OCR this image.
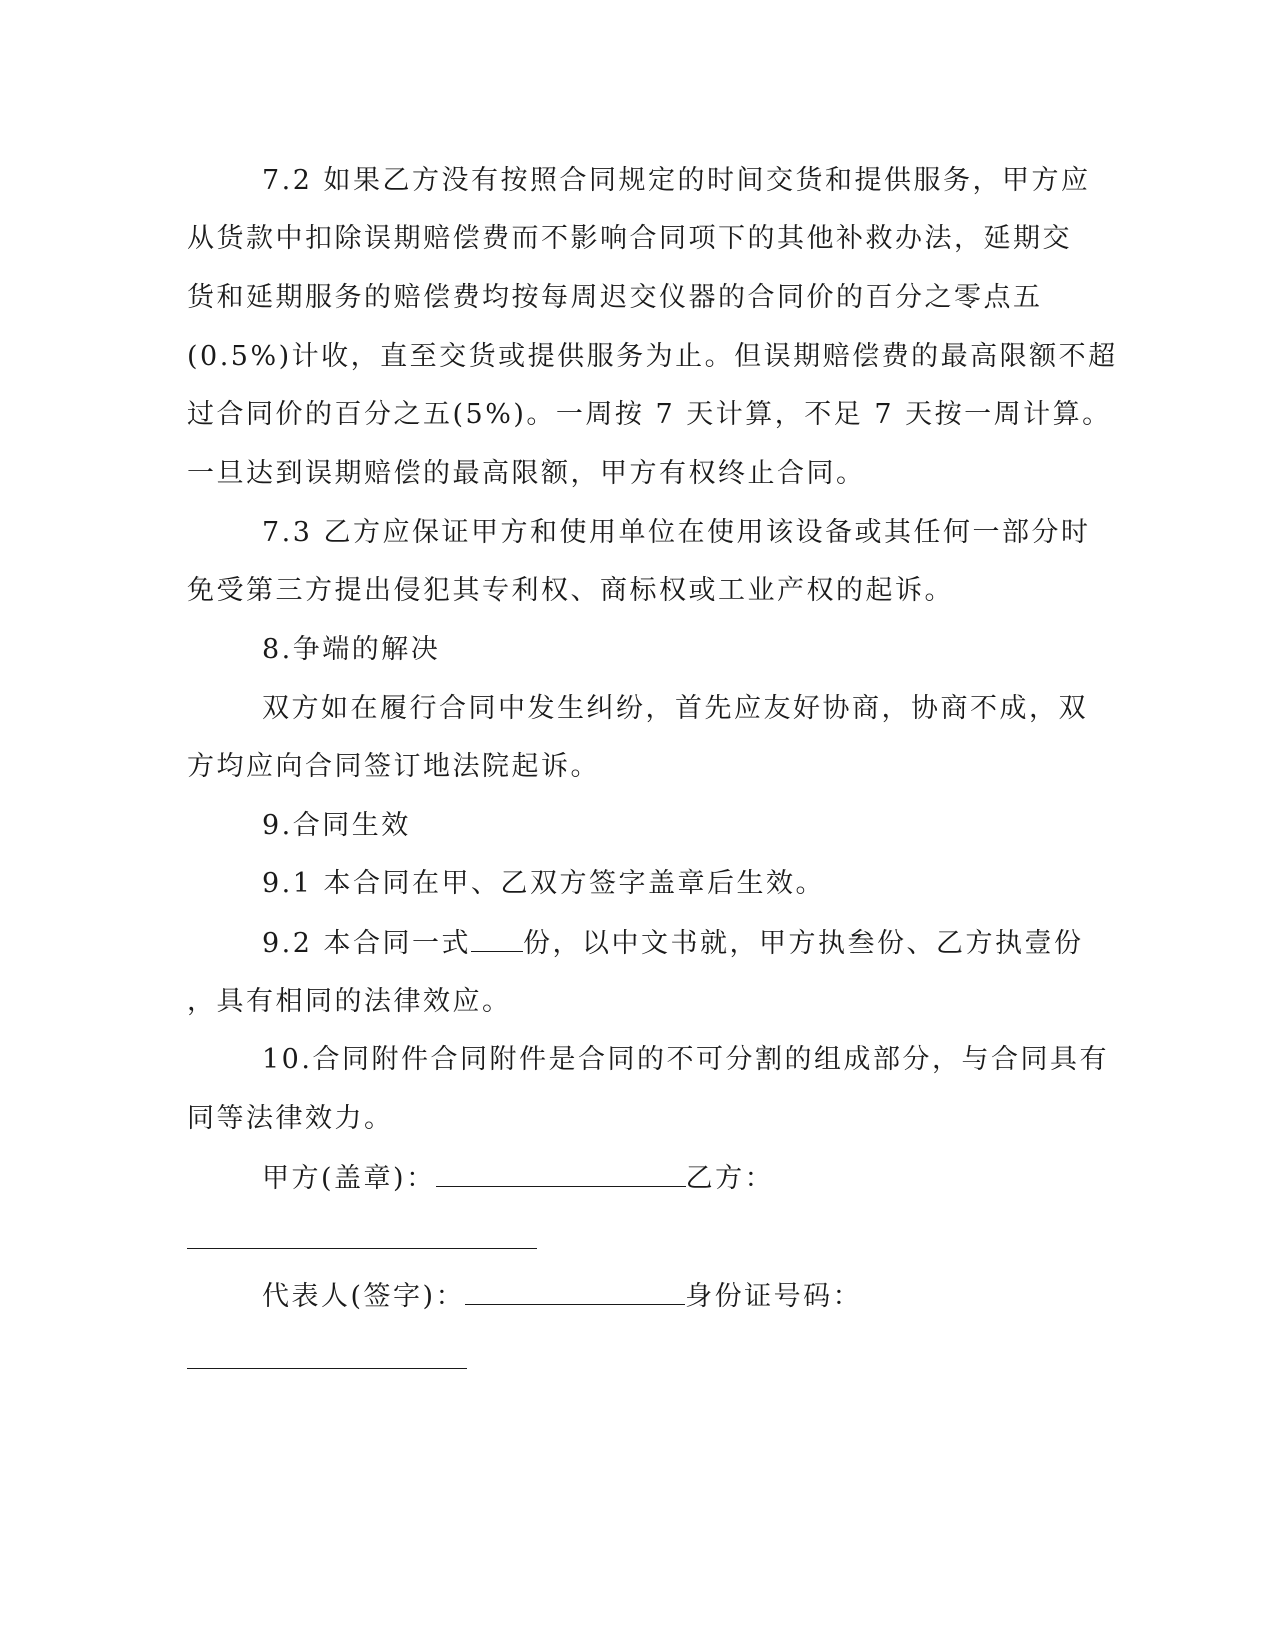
7.2 如果乙方没有按照合同规定的时间交货和提供服务，甲方应
从货款中扣除误期赔偿费而不影响合同项下的其他补救办法，延期交
货和延期服务的赔偿费均按每周迟交仪器的合同价的百分之零点五
(0.5%)计收，直至交货或提供服务为止。但误期赔偿费的最高限额不超
过合同价的百分之五(5%)。一周按 7 天计算，不足 7 天按一周计算。
一旦达到误期赔偿的最高限额，甲方有权终止合同。
7.3 乙方应保证甲方和使用单位在使用该设备或其任何一部分时
免受第三方提出侵犯其专利权、商标权或工业产权的起诉。
8.争端的解决
双方如在履行合同中发生纠纷，首先应友好协商，协商不成，双
方均应向合同签订地法院起诉。
9.合同生效
9.1 本合同在甲、乙双方签字盖章后生效。
9.2 本合同一式 份，以中文书就，甲方执叁份、乙方执壹份
，具有相同的法律效应。
10.合同附件合同附件是合同的不可分割的组成部分，与合同具有
同等法律效力。
甲方(盖章)：	乙方：
代表人(签字)：	身份证号码：
